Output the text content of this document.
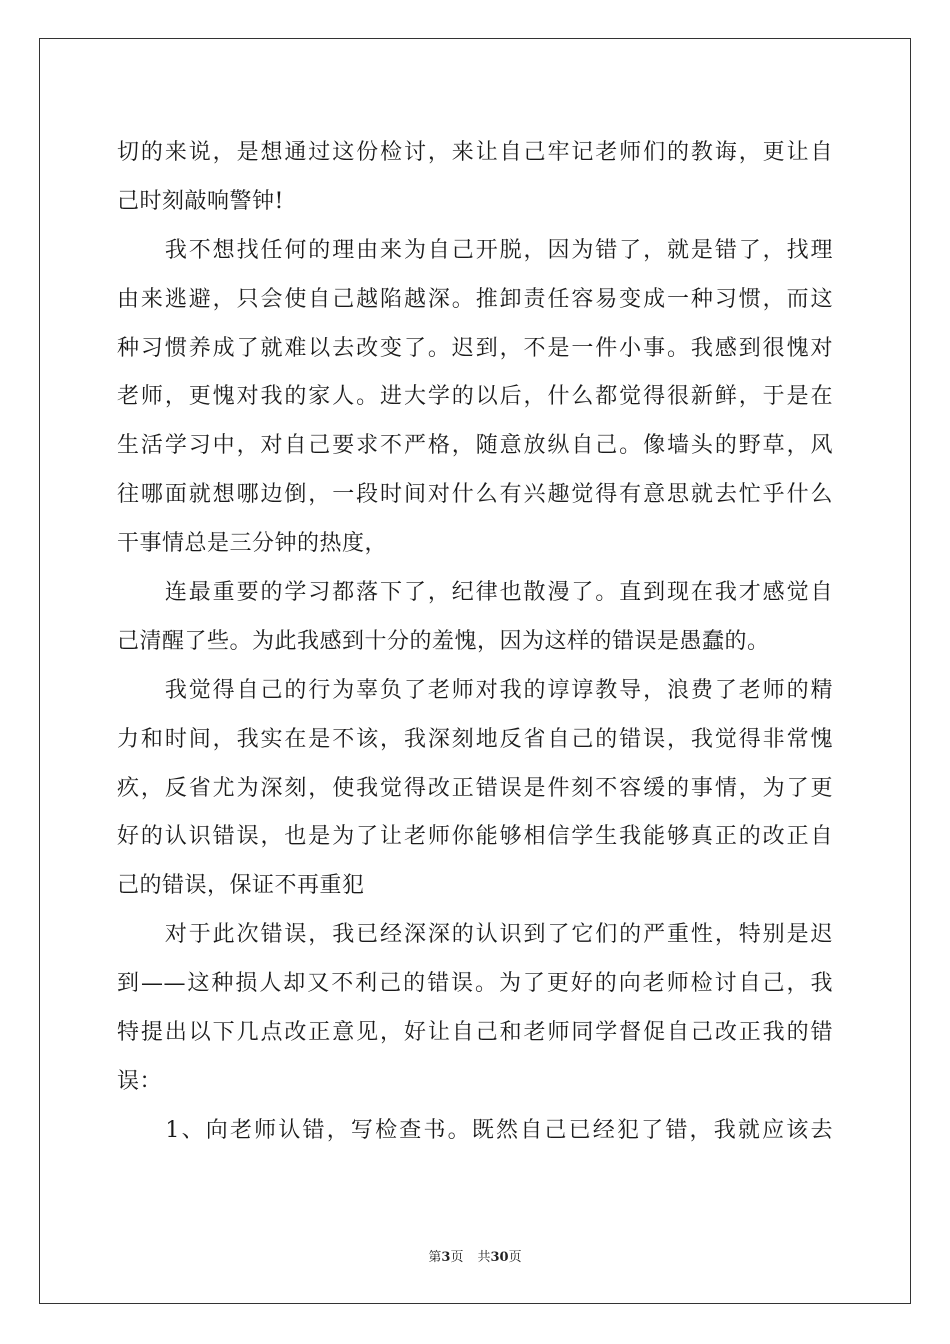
切的来说，是想通过这份检讨，来让自己牢记老师们的教诲，更让自
己时刻敲响警钟!
　　我不想找任何的理由来为自己开脱，因为错了，就是错了，找理
由来逃避，只会使自己越陷越深。推卸责任容易变成一种习惯，而这
种习惯养成了就难以去改变了。迟到，不是一件小事。我感到很愧对
老师，更愧对我的家人。进大学的以后，什么都觉得很新鲜，于是在
生活学习中，对自己要求不严格，随意放纵自己。像墙头的野草，风
往哪面就想哪边倒，一段时间对什么有兴趣觉得有意思就去忙乎什么
干事情总是三分钟的热度，
　　连最重要的学习都落下了，纪律也散漫了。直到现在我才感觉自
己清醒了些。为此我感到十分的羞愧，因为这样的错误是愚蠢的。
　　我觉得自己的行为辜负了老师对我的谆谆教导，浪费了老师的精
力和时间，我实在是不该，我深刻地反省自己的错误，我觉得非常愧
疚，反省尤为深刻，使我觉得改正错误是件刻不容缓的事情，为了更
好的认识错误，也是为了让老师你能够相信学生我能够真正的改正自
己的错误，保证不再重犯
　　对于此次错误，我已经深深的认识到了它们的严重性，特别是迟
到——这种损人却又不利己的错误。为了更好的向老师检讨自己，我
特提出以下几点改正意见，好让自己和老师同学督促自己改正我的错
误：
　　1、向老师认错，写检查书。既然自己已经犯了错，我就应该去
第3页 共30页
